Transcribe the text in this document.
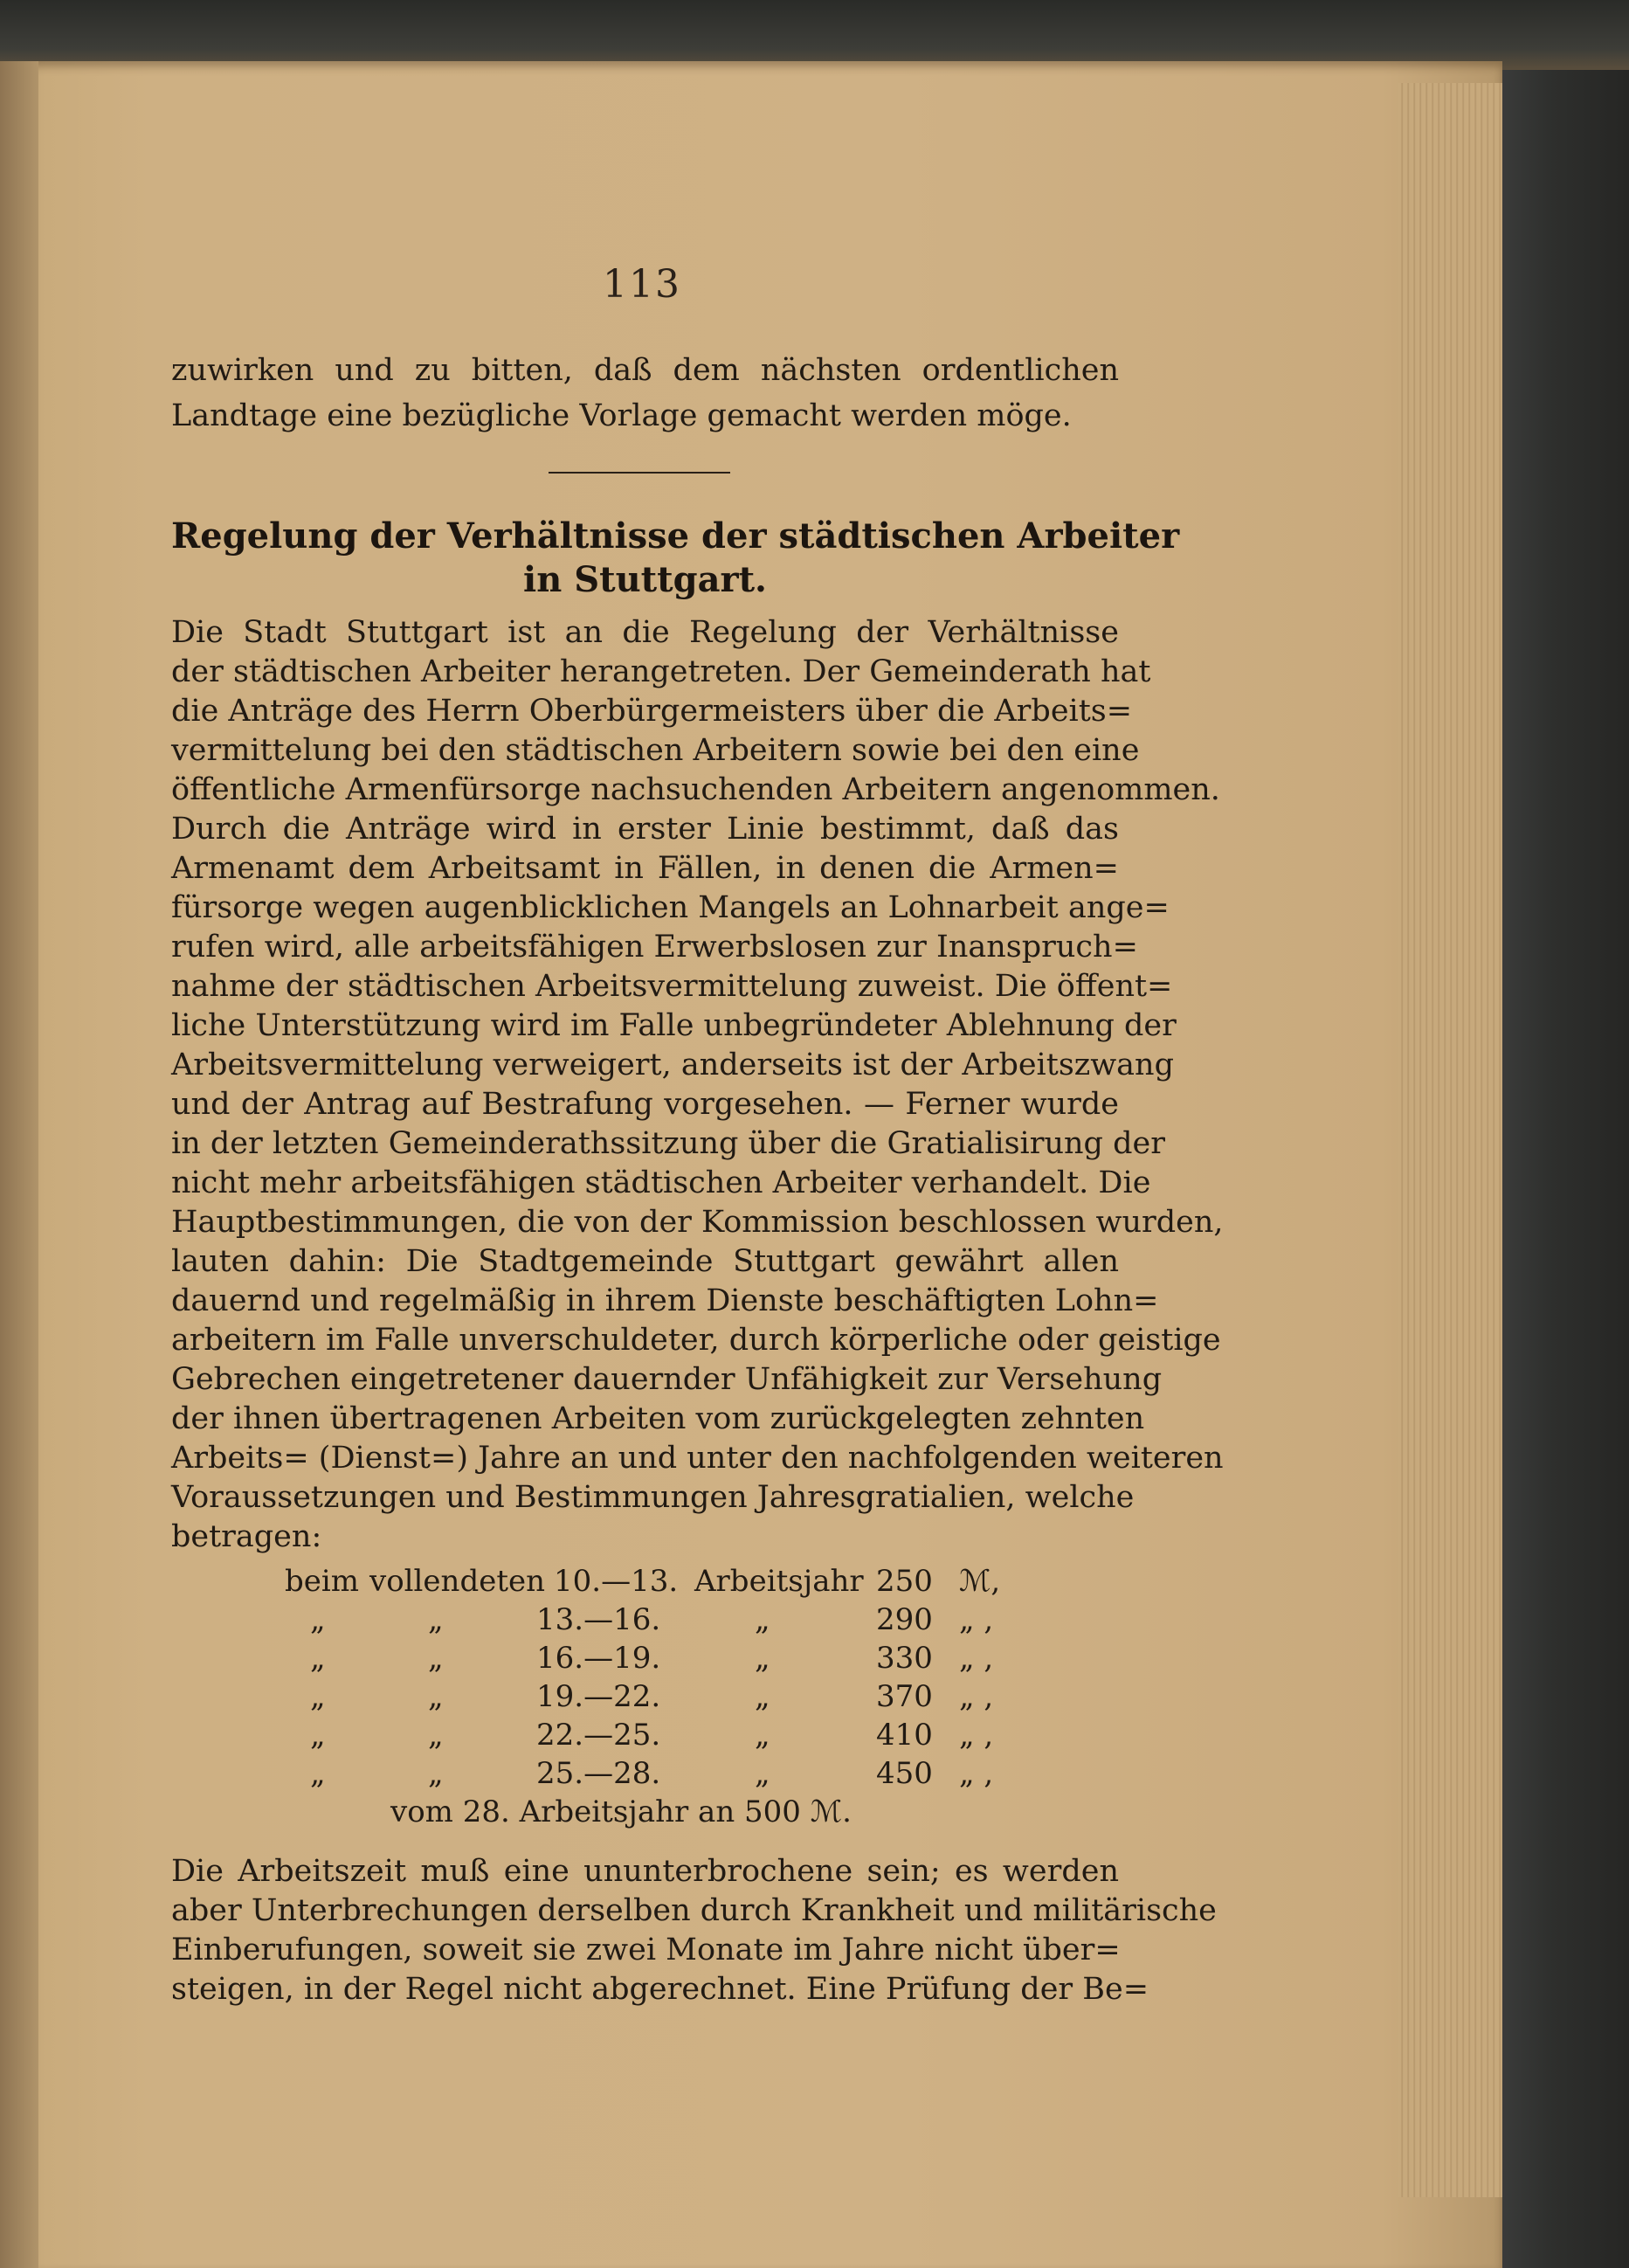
113
zuwirken und zu bitten, daß dem nächsten ordentlichen
Landtage eine bezügliche Vorlage gemacht werden möge.
Regelung der Verhältnisse der städtischen Arbeiter
in Stuttgart.
Die Stadt Stuttgart ist an die Regelung der Verhältnisse
der städtischen Arbeiter herangetreten. Der Gemeinderath hat
die Anträge des Herrn Oberbürgermeisters über die Arbeits=
vermittelung bei den städtischen Arbeitern sowie bei den eine
öffentliche Armenfürsorge nachsuchenden Arbeitern angenommen.
Durch die Anträge wird in erster Linie bestimmt, daß das
Armenamt dem Arbeitsamt in Fällen, in denen die Armen=
fürsorge wegen augenblicklichen Mangels an Lohnarbeit ange=
rufen wird, alle arbeitsfähigen Erwerbslosen zur Inanspruch=
nahme der städtischen Arbeitsvermittelung zuweist. Die öffent=
liche Unterstützung wird im Falle unbegründeter Ablehnung der
Arbeitsvermittelung verweigert, anderseits ist der Arbeitszwang
und der Antrag auf Bestrafung vorgesehen. — Ferner wurde
in der letzten Gemeinderathssitzung über die Gratialisirung der
nicht mehr arbeitsfähigen städtischen Arbeiter verhandelt. Die
Hauptbestimmungen, die von der Kommission beschlossen wurden,
lauten dahin: Die Stadtgemeinde Stuttgart gewährt allen
dauernd und regelmäßig in ihrem Dienste beschäftigten Lohn=
arbeitern im Falle unverschuldeter, durch körperliche oder geistige
Gebrechen eingetretener dauernder Unfähigkeit zur Versehung
der ihnen übertragenen Arbeiten vom zurückgelegten zehnten
Arbeits= (Dienst=) Jahre an und unter den nachfolgenden weiteren
Voraussetzungen und Bestimmungen Jahresgratialien, welche
betragen:
beim vollendeten 10.—13. Arbeitsjahr 250 ℳ,
„	„	13.—16.	„	290 „ ,
„	„	16.—19.	„	330 „ ,
„	„	19.—22.	„	370 „ ,
„	„	22.—25.	„	410 „ ,
„	„	25.—28.	„	450 „ ,
vom 28. Arbeitsjahr an 500 ℳ.
Die Arbeitszeit muß eine ununterbrochene sein; es werden
aber Unterbrechungen derselben durch Krankheit und militärische
Einberufungen, soweit sie zwei Monate im Jahre nicht über=
steigen, in der Regel nicht abgerechnet. Eine Prüfung der Be=
